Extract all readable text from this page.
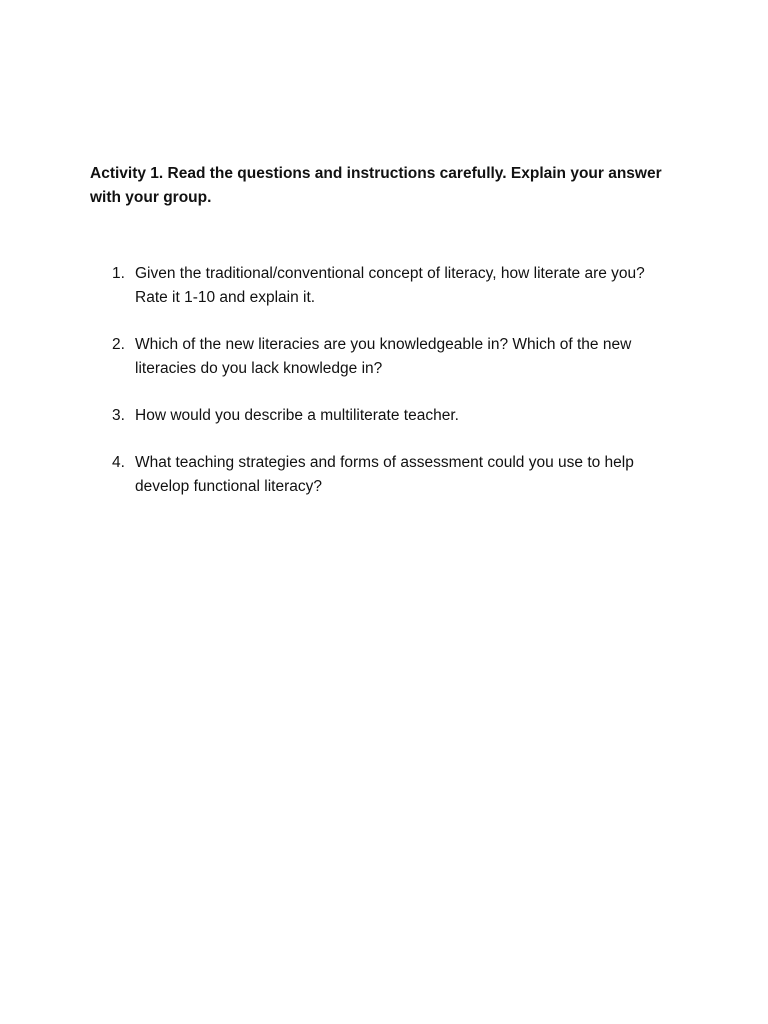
Activity 1. Read the questions and instructions carefully. Explain your answer with your group.

1. Given the traditional/conventional concept of literacy, how literate are you? Rate it 1-10 and explain it.
2. Which of the new literacies are you knowledgeable in? Which of the new literacies do you lack knowledge in?
3. How would you describe a multiliterate teacher.
4. What teaching strategies and forms of assessment could you use to help develop functional literacy?
